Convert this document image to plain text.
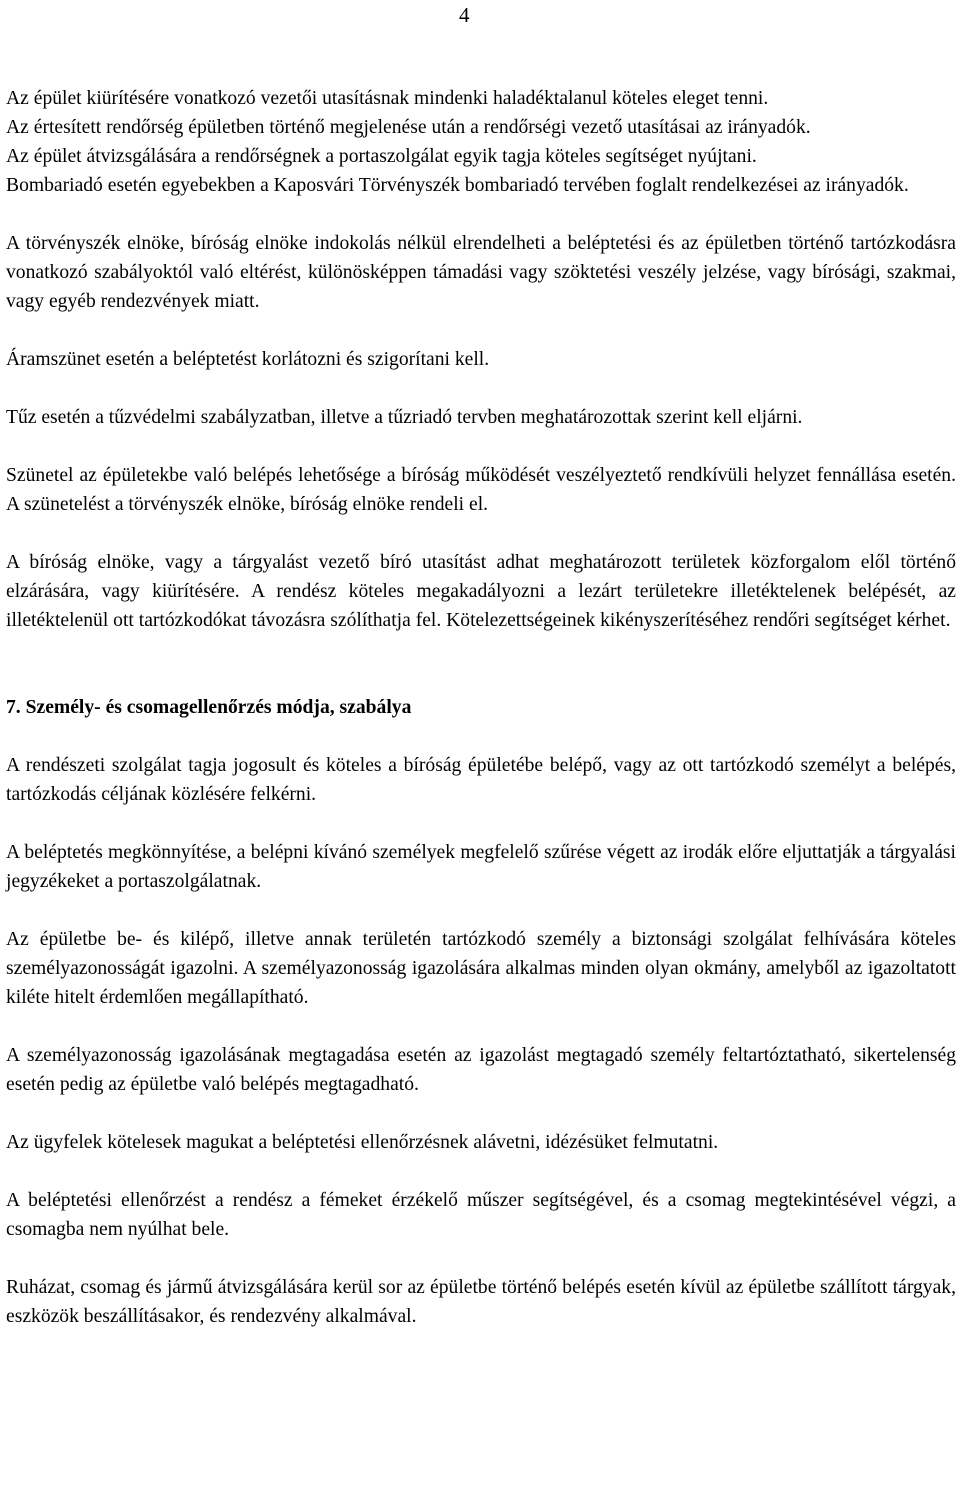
4

Az épület kiürítésére vonatkozó vezetői utasításnak mindenki haladéktalanul köteles eleget tenni.

Az értesített rendőrség épületben történő megjelenése után a rendőrségi vezető utasításai az irányadók.

Az épület átvizsgálására a rendőrségnek a portaszolgálat egyik tagja köteles segítséget nyújtani.

Bombariadó esetén egyebekben a Kaposvári Törvényszék bombariadó tervében foglalt rendelkezései az irányadók.

A törvényszék elnöke, bíróság elnöke indokolás nélkül elrendelheti a beléptetési és az épületben történő tartózkodásra vonatkozó szabályoktól való eltérést, különösképpen támadási vagy szöktetési veszély jelzése, vagy bírósági, szakmai, vagy egyéb rendezvények miatt.

Áramszünet esetén a beléptetést korlátozni és szigorítani kell.

Tűz esetén a tűzvédelmi szabályzatban, illetve a tűzriadó tervben meghatározottak szerint kell eljárni.

Szünetel az épületekbe való belépés lehetősége a bíróság működését veszélyeztető rendkívüli helyzet fennállása esetén. A szünetelést a törvényszék elnöke, bíróság elnöke rendeli el.

A bíróság elnöke, vagy a tárgyalást vezető bíró utasítást adhat meghatározott területek közforgalom elől történő elzárására, vagy kiürítésére. A rendész köteles megakadályozni a lezárt területekre illetéktelenek belépését, az illetéktelenül ott tartózkodókat távozásra szólíthatja fel. Kötelezettségeinek kikényszerítéséhez rendőri segítséget kérhet.

7. Személy- és csomagellenőrzés módja, szabálya

A rendészeti szolgálat tagja jogosult és köteles a bíróság épületébe belépő, vagy az ott tartózkodó személyt a belépés, tartózkodás céljának közlésére felkérni.

A beléptetés megkönnyítése, a belépni kívánó személyek megfelelő szűrése végett az irodák előre eljuttatják a tárgyalási jegyzékeket a portaszolgálatnak.

Az épületbe be- és kilépő, illetve annak területén tartózkodó személy a biztonsági szolgálat felhívására köteles személyazonosságát igazolni. A személyazonosság igazolására alkalmas minden olyan okmány, amelyből az igazoltatott kiléte hitelt érdemlően megállapítható.

A személyazonosság igazolásának megtagadása esetén az igazolást megtagadó személy feltartóztatható, sikertelenség esetén pedig az épületbe való belépés megtagadható.

Az ügyfelek kötelesek magukat a beléptetési ellenőrzésnek alávetni, idézésüket felmutatni.

A beléptetési ellenőrzést a rendész a fémeket érzékelő műszer segítségével, és a csomag megtekintésével végzi, a csomagba nem nyúlhat bele.

Ruházat, csomag és jármű átvizsgálására kerül sor az épületbe történő belépés esetén kívül az épületbe szállított tárgyak, eszközök beszállításakor, és rendezvény alkalmával.
